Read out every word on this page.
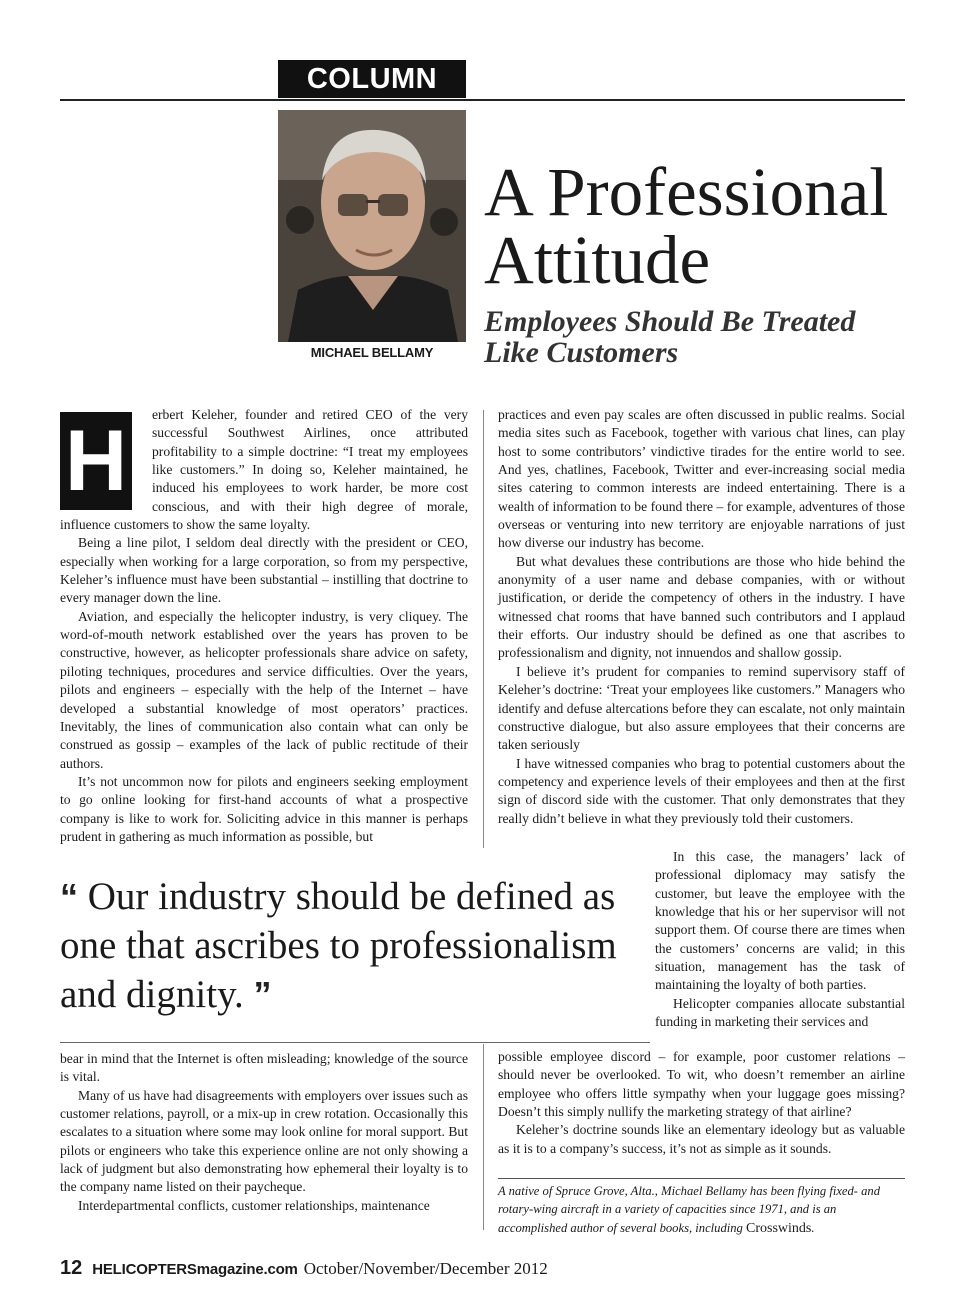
COLUMN
MICHAEL BELLAMY
A Professional
Attitude
Employees Should Be Treated
Like Customers
H	erbert Keleher, founder and retired CEO of the very successful Southwest Airlines, once attributed profitability to a simple doctrine: “I treat my employees like customers.” In doing so, Keleher maintained, he induced his employees to work harder, be more cost conscious, and with their high degree of morale, influence customers to show the same loyalty.

Being a line pilot, I seldom deal directly with the president or CEO, especially when working for a large corporation, so from my perspective, Keleher’s influence must have been substantial – instilling that doctrine to every manager down the line.

Aviation, and especially the helicopter industry, is very cliquey. The word-of-mouth network established over the years has proven to be constructive, however, as helicopter professionals share advice on safety, piloting techniques, procedures and service difficulties. Over the years, pilots and engineers – especially with the help of the Internet – have developed a substantial knowledge of most operators’ practices. Inevitably, the lines of communication also contain what can only be construed as gossip – examples of the lack of public rectitude of their authors.

It’s not uncommon now for pilots and engineers seeking employment to go online looking for first-hand accounts of what a prospective company is like to work for. Soliciting advice in this manner is perhaps prudent in gathering as much information as possible, but

practices and even pay scales are often discussed in public realms. Social media sites such as Facebook, together with various chat lines, can play host to some contributors’ vindictive tirades for the entire world to see. And yes, chatlines, Facebook, Twitter and ever-increasing social media sites catering to common interests are indeed entertaining. There is a wealth of information to be found there – for example, adventures of those overseas or venturing into new territory are enjoyable narrations of just how diverse our industry has become.

But what devalues these contributions are those who hide behind the anonymity of a user name and debase companies, with or without justification, or deride the competency of others in the industry. I have witnessed chat rooms that have banned such contributors and I applaud their efforts. Our industry should be defined as one that ascribes to professionalism and dignity, not innuendos and shallow gossip.

I believe it’s prudent for companies to remind supervisory staff of Keleher’s doctrine: ‘Treat your employees like customers.” Managers who identify and defuse altercations before they can escalate, not only maintain constructive dialogue, but also assure employees that their concerns are taken seriously

I have witnessed companies who brag to potential customers about the competency and experience levels of their employees and then at the first sign of discord side with the customer. That only demonstrates that they really didn’t believe in what they previously told their customers.

“ Our industry should be defined as one that ascribes to professionalism and dignity. ”

In this case, the managers’ lack of professional diplomacy may satisfy the customer, but leave the employee with the knowledge that his or her supervisor will not support them. Of course there are times when the customers’ concerns are valid; in this situation, management has the task of maintaining the loyalty of both parties.

Helicopter companies allocate substantial funding in marketing their services and

bear in mind that the Internet is often misleading; knowledge of the source is vital.

Many of us have had disagreements with employers over issues such as customer relations, payroll, or a mix-up in crew rotation. Occasionally this escalates to a situation where some may look online for moral support. But pilots or engineers who take this experience online are not only showing a lack of judgment but also demonstrating how ephemeral their loyalty is to the company name listed on their paycheque.

Interdepartmental conflicts, customer relationships, maintenance

possible employee discord – for example, poor customer relations – should never be overlooked. To wit, who doesn’t remember an airline employee who offers little sympathy when your luggage goes missing? Doesn’t this simply nullify the marketing strategy of that airline?

Keleher’s doctrine sounds like an elementary ideology but as valuable as it is to a company’s success, it’s not as simple as it sounds.

A native of Spruce Grove, Alta., Michael Bellamy has been flying fixed- and rotary-wing aircraft in a variety of capacities since 1971, and is an accomplished author of several books, including Crosswinds.
12 HELICOPTERSmagazine.com October/November/December 2012
